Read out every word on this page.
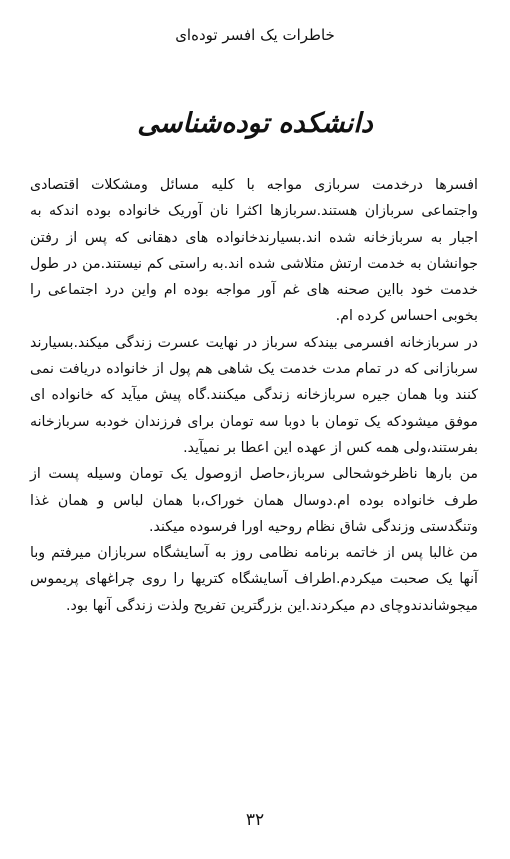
خاطرات یک افسر توده‌ای
دانشکده توده‌شناسی

افسرها درخدمت سربازی مواجه با کلیه مسائل ومشکلات اقتصادی واجتماعی سربازان هستند.سربازها اکثرا نان آوریک خانواده بوده اندکه به اجبار به سربازخانه شده اند.بسیارندخانواده های دهقانی که پس از رفتن جوانشان به خدمت ارتش متلاشی شده اند.به راستی کم نیستند.من در طول خدمت خود بااین صحنه های غم آور مواجه بوده ام واین درد اجتماعی را بخوبی احساس کرده ام.

در سربازخانه افسرمی بیندکه سرباز در نهایت عسرت زندگی میکند.بسیارند سربازانی که در تمام مدت خدمت یک شاهی هم پول از خانواده دریافت نمی کنند وبا همان جیره سربازخانه زندگی میکنند.گاه پیش میآید که خانواده ای موفق میشودکه یک تومان با دوبا سه تومان برای فرزندان خودبه سربازخانه بفرستند،ولی همه کس از عهده این اعطا بر نمیآید.

من بارها ناظرخوشحالی سرباز،حاصل ازوصول یک تومان وسیله پست از طرف خانواده بوده ام.دوسال همان خوراک،با همان لباس و همان غذا وتنگدستی وزندگی شاق نظام روحیه اورا فرسوده میکند.

من غالبا پس از خاتمه برنامه نظامی روز به آسایشگاه سربازان میرفتم وبا آنها یک صحبت میکردم.اطراف آسایشگاه کتریها را روی چراغهای پریموس میجوشاندندوچای دم میکردند.این بزرگترین تفریح ولذت زندگی آنها بود.

۳۲
